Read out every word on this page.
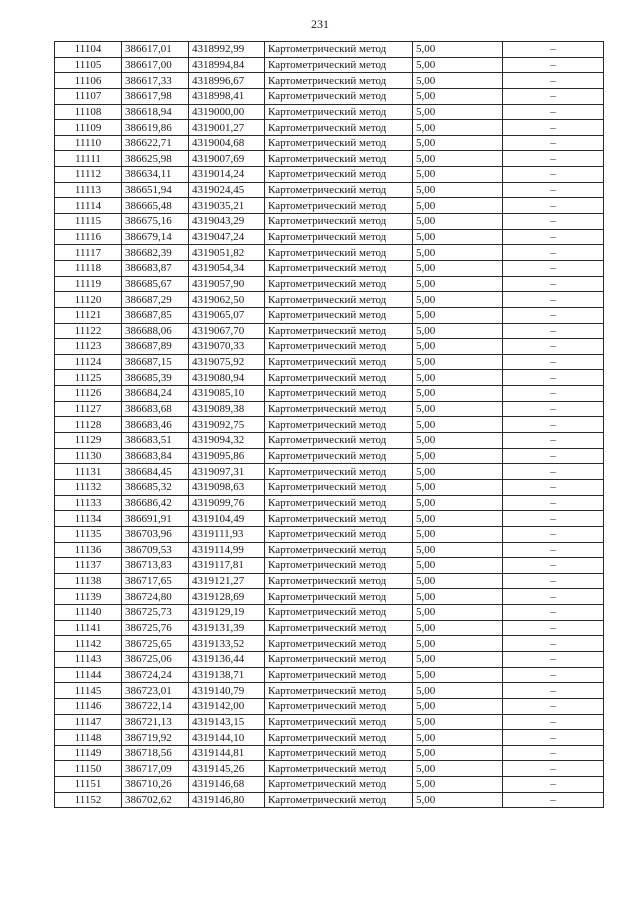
231
11104	386617,01	4318992,99	Картометрический метод	5,00	–
11105	386617,00	4318994,84	Картометрический метод	5,00	–
11106	386617,33	4318996,67	Картометрический метод	5,00	–
11107	386617,98	4318998,41	Картометрический метод	5,00	–
11108	386618,94	4319000,00	Картометрический метод	5,00	–
11109	386619,86	4319001,27	Картометрический метод	5,00	–
11110	386622,71	4319004,68	Картометрический метод	5,00	–
11111	386625,98	4319007,69	Картометрический метод	5,00	–
11112	386634,11	4319014,24	Картометрический метод	5,00	–
11113	386651,94	4319024,45	Картометрический метод	5,00	–
11114	386665,48	4319035,21	Картометрический метод	5,00	–
11115	386675,16	4319043,29	Картометрический метод	5,00	–
11116	386679,14	4319047,24	Картометрический метод	5,00	–
11117	386682,39	4319051,82	Картометрический метод	5,00	–
11118	386683,87	4319054,34	Картометрический метод	5,00	–
11119	386685,67	4319057,90	Картометрический метод	5,00	–
11120	386687,29	4319062,50	Картометрический метод	5,00	–
11121	386687,85	4319065,07	Картометрический метод	5,00	–
11122	386688,06	4319067,70	Картометрический метод	5,00	–
11123	386687,89	4319070,33	Картометрический метод	5,00	–
11124	386687,15	4319075,92	Картометрический метод	5,00	–
11125	386685,39	4319080,94	Картометрический метод	5,00	–
11126	386684,24	4319085,10	Картометрический метод	5,00	–
11127	386683,68	4319089,38	Картометрический метод	5,00	–
11128	386683,46	4319092,75	Картометрический метод	5,00	–
11129	386683,51	4319094,32	Картометрический метод	5,00	–
11130	386683,84	4319095,86	Картометрический метод	5,00	–
11131	386684,45	4319097,31	Картометрический метод	5,00	–
11132	386685,32	4319098,63	Картометрический метод	5,00	–
11133	386686,42	4319099,76	Картометрический метод	5,00	–
11134	386691,91	4319104,49	Картометрический метод	5,00	–
11135	386703,96	4319111,93	Картометрический метод	5,00	–
11136	386709,53	4319114,99	Картометрический метод	5,00	–
11137	386713,83	4319117,81	Картометрический метод	5,00	–
11138	386717,65	4319121,27	Картометрический метод	5,00	–
11139	386724,80	4319128,69	Картометрический метод	5,00	–
11140	386725,73	4319129,19	Картометрический метод	5,00	–
11141	386725,76	4319131,39	Картометрический метод	5,00	–
11142	386725,65	4319133,52	Картометрический метод	5,00	–
11143	386725,06	4319136,44	Картометрический метод	5,00	–
11144	386724,24	4319138,71	Картометрический метод	5,00	–
11145	386723,01	4319140,79	Картометрический метод	5,00	–
11146	386722,14	4319142,00	Картометрический метод	5,00	–
11147	386721,13	4319143,15	Картометрический метод	5,00	–
11148	386719,92	4319144,10	Картометрический метод	5,00	–
11149	386718,56	4319144,81	Картометрический метод	5,00	–
11150	386717,09	4319145,26	Картометрический метод	5,00	–
11151	386710,26	4319146,68	Картометрический метод	5,00	–
11152	386702,62	4319146,80	Картометрический метод	5,00	–
